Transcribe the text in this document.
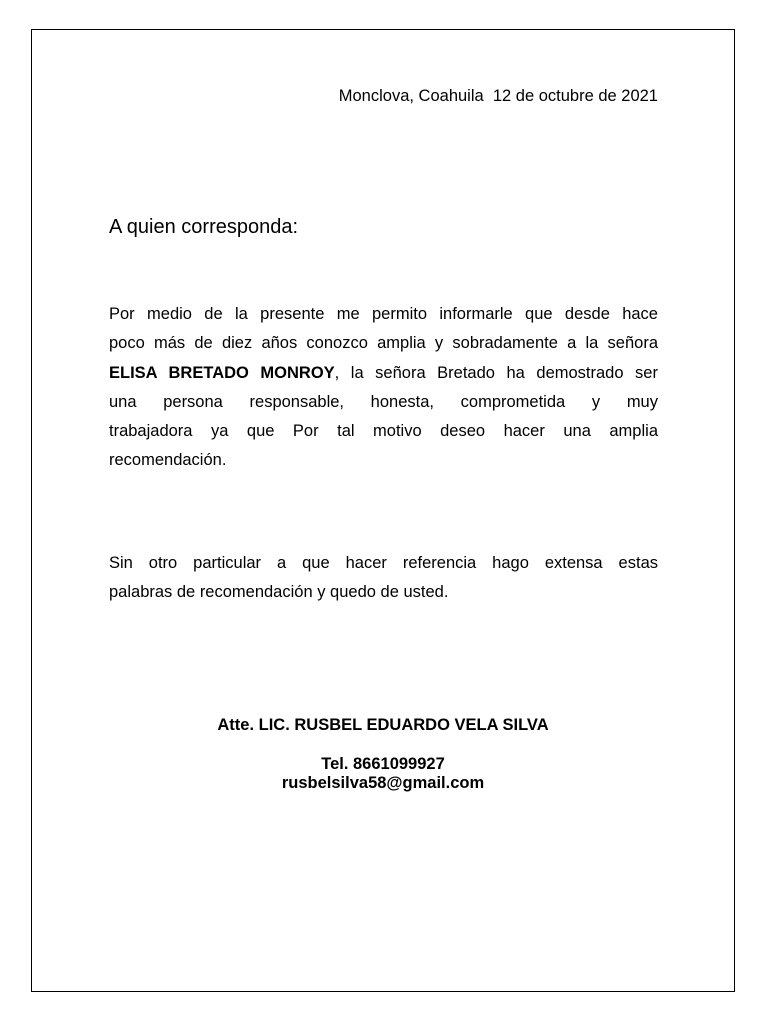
Monclova, Coahuila  12 de octubre de 2021
A quien corresponda:
Por medio de la presente me permito informarle que desde hace
poco más de diez años conozco amplia y sobradamente a la señora
ELISA BRETADO MONROY, la señora Bretado ha demostrado ser
una persona responsable, honesta, comprometida y muy
trabajadora ya que Por tal motivo deseo hacer una amplia
recomendación.
Sin otro particular a que hacer referencia hago extensa estas
palabras de recomendación y quedo de usted.
Atte. LIC. RUSBEL EDUARDO VELA SILVA
Tel. 8661099927
rusbelsilva58@gmail.com
